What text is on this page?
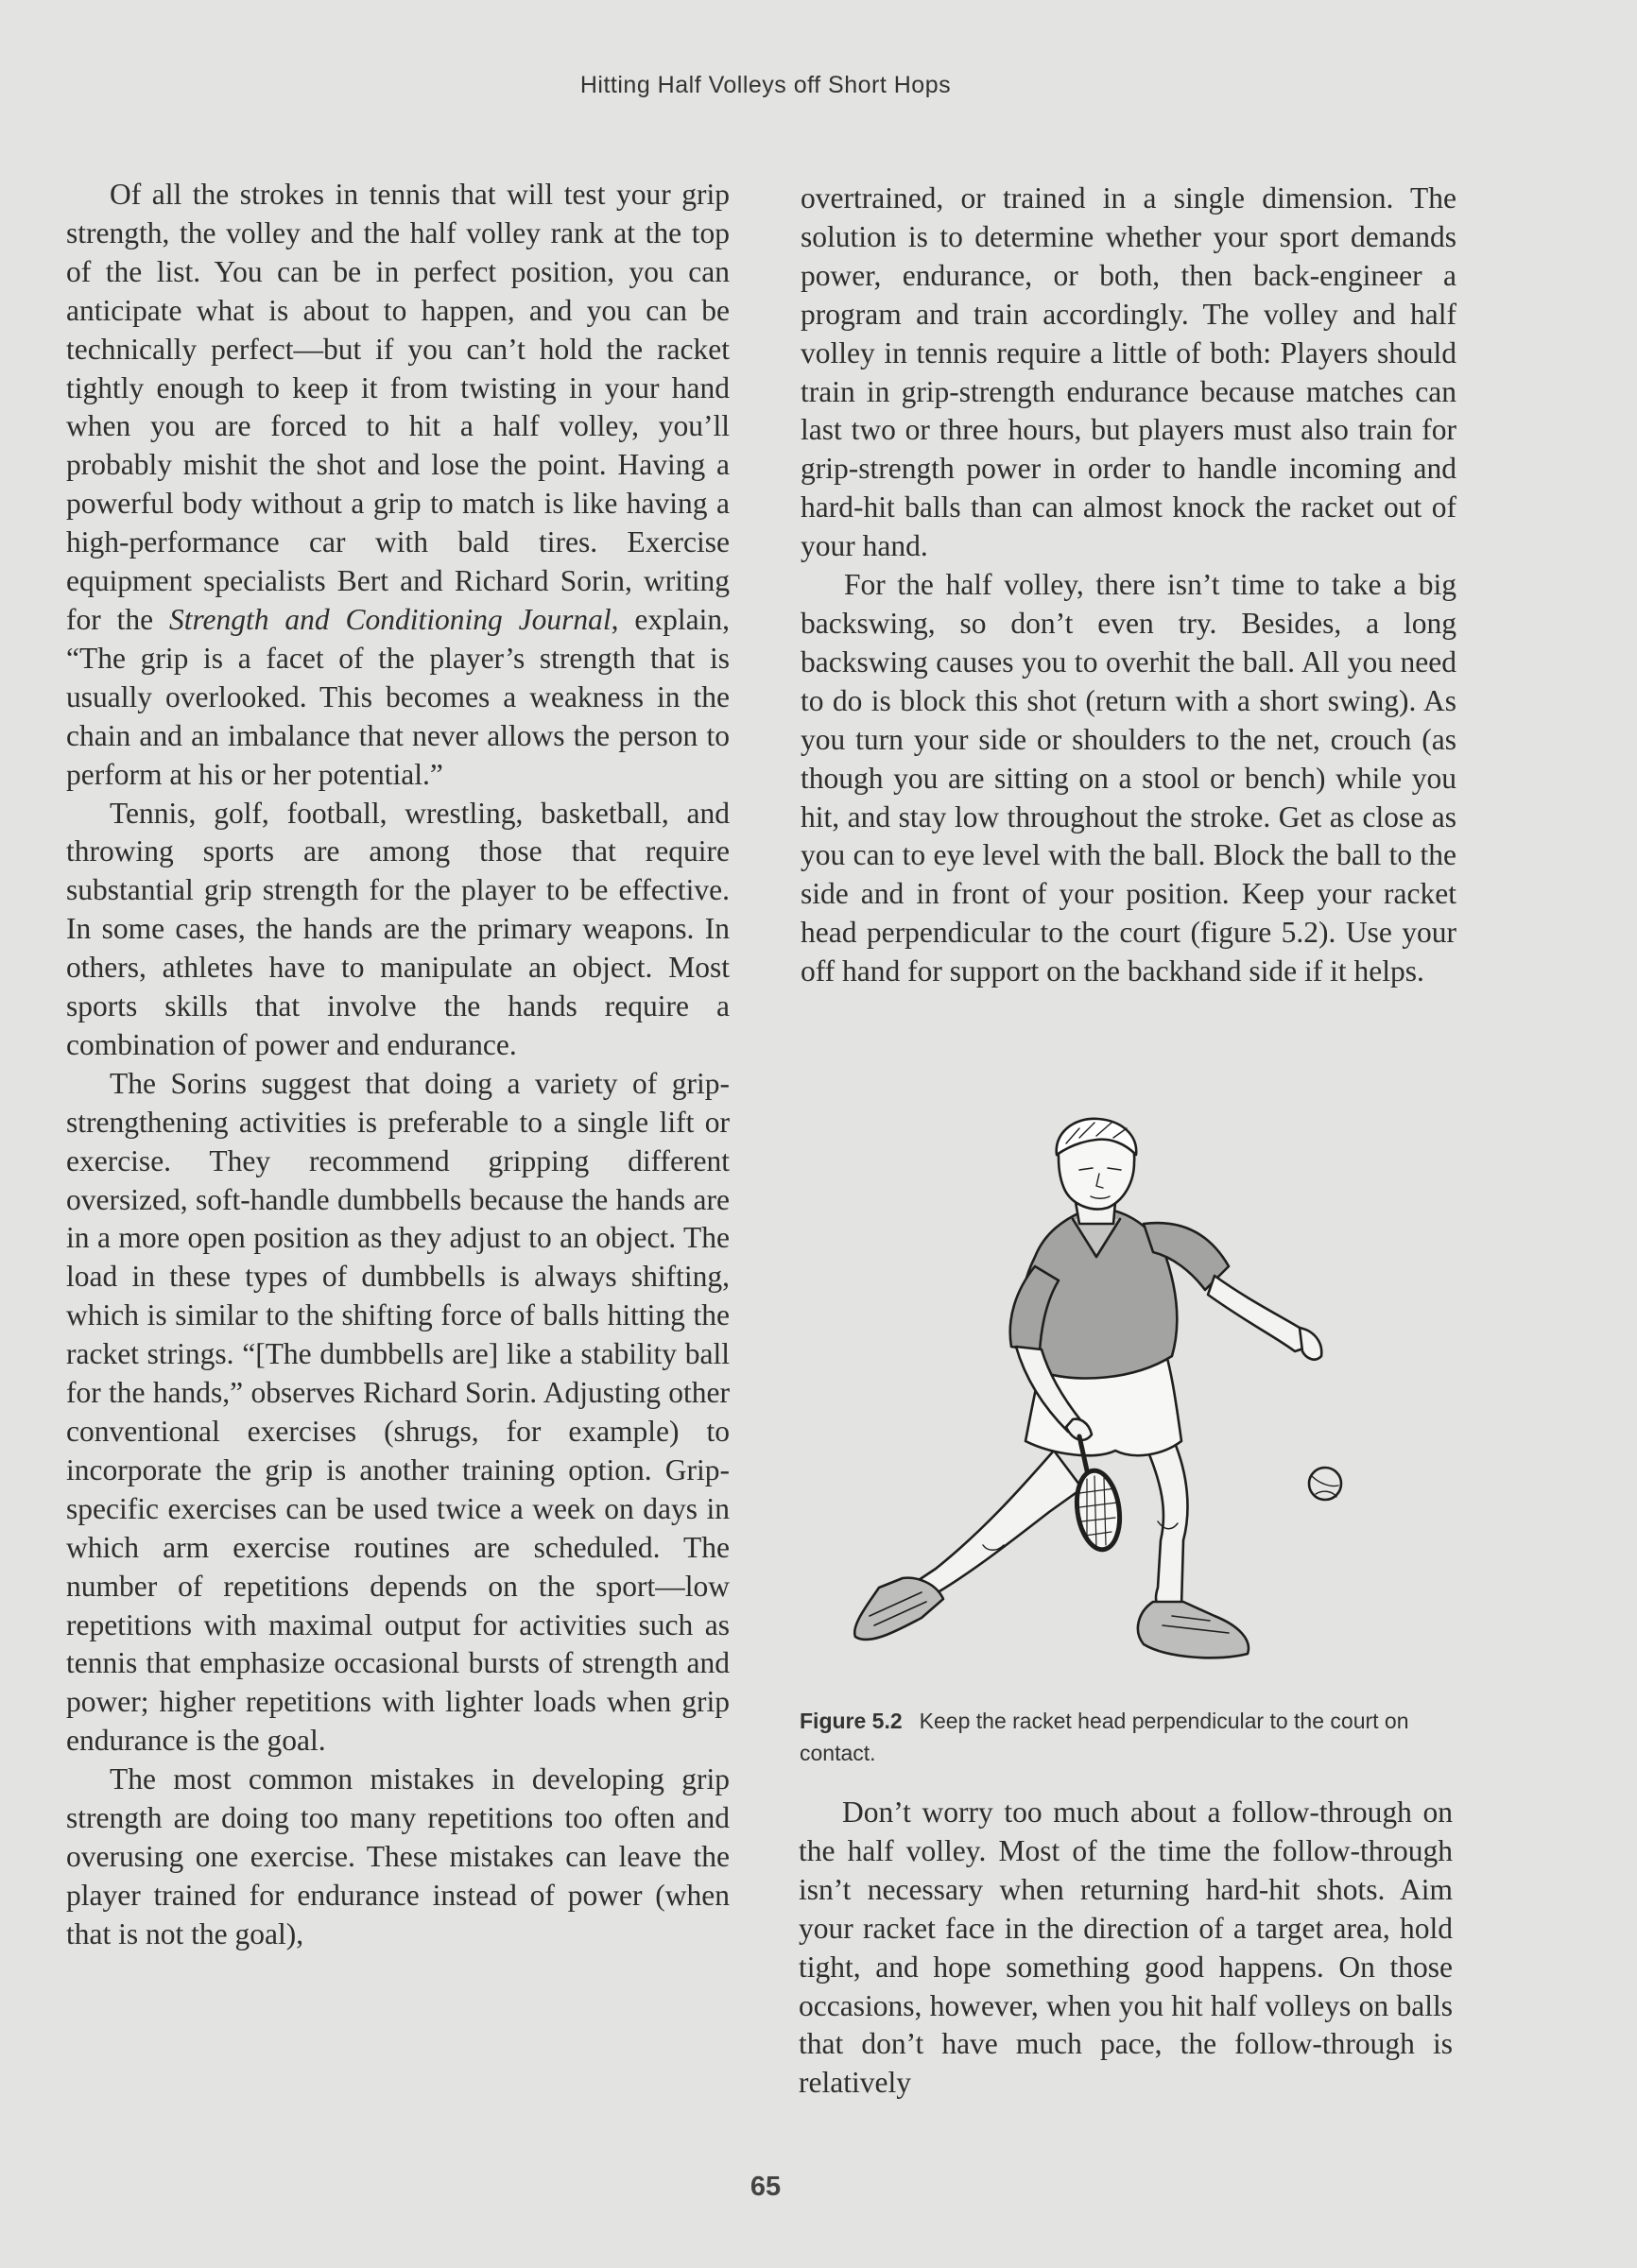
Hitting Half Volleys off Short Hops

Of all the strokes in tennis that will test your grip strength, the volley and the half volley rank at the top of the list. You can be in perfect position, you can anticipate what is about to happen, and you can be technically perfect—but if you can’t hold the racket tightly enough to keep it from twisting in your hand when you are forced to hit a half volley, you’ll probably mishit the shot and lose the point. Having a powerful body without a grip to match is like having a high-performance car with bald tires. Exercise equipment specialists Bert and Richard Sorin, writing for the Strength and Conditioning Journal, explain, “The grip is a facet of the player’s strength that is usually overlooked. This becomes a weakness in the chain and an imbalance that never allows the person to perform at his or her potential.”

Tennis, golf, football, wrestling, basketball, and throwing sports are among those that require substantial grip strength for the player to be effective. In some cases, the hands are the primary weapons. In others, athletes have to manipulate an object. Most sports skills that involve the hands require a combination of power and endurance.

The Sorins suggest that doing a variety of grip-strengthening activities is preferable to a single lift or exercise. They recommend gripping different oversized, soft-handle dumbbells because the hands are in a more open position as they adjust to an object. The load in these types of dumbbells is always shifting, which is similar to the shifting force of balls hitting the racket strings. “[The dumbbells are] like a stability ball for the hands,” observes Richard Sorin. Adjusting other conventional exercises (shrugs, for example) to incorporate the grip is another training option. Grip-specific exercises can be used twice a week on days in which arm exercise routines are scheduled. The number of repetitions depends on the sport—low repetitions with maximal output for activities such as tennis that emphasize occasional bursts of strength and power; higher repetitions with lighter loads when grip endurance is the goal.

The most common mistakes in developing grip strength are doing too many repetitions too often and overusing one exercise. These mistakes can leave the player trained for endurance instead of power (when that is not the goal),

overtrained, or trained in a single dimension. The solution is to determine whether your sport demands power, endurance, or both, then back-engineer a program and train accordingly. The volley and half volley in tennis require a little of both: Players should train in grip-strength endurance because matches can last two or three hours, but players must also train for grip-strength power in order to handle incoming and hard-hit balls than can almost knock the racket out of your hand.

For the half volley, there isn’t time to take a big backswing, so don’t even try. Besides, a long backswing causes you to overhit the ball. All you need to do is block this shot (return with a short swing). As you turn your side or shoulders to the net, crouch (as though you are sitting on a stool or bench) while you hit, and stay low throughout the stroke. Get as close as you can to eye level with the ball. Block the ball to the side and in front of your position. Keep your racket head perpendicular to the court (figure 5.2). Use your off hand for support on the backhand side if it helps.

Figure 5.2 Keep the racket head perpendicular to the court on contact.

Don’t worry too much about a follow-through on the half volley. Most of the time the follow-through isn’t necessary when returning hard-hit shots. Aim your racket face in the direction of a target area, hold tight, and hope something good happens. On those occasions, however, when you hit half volleys on balls that don’t have much pace, the follow-through is relatively

65
